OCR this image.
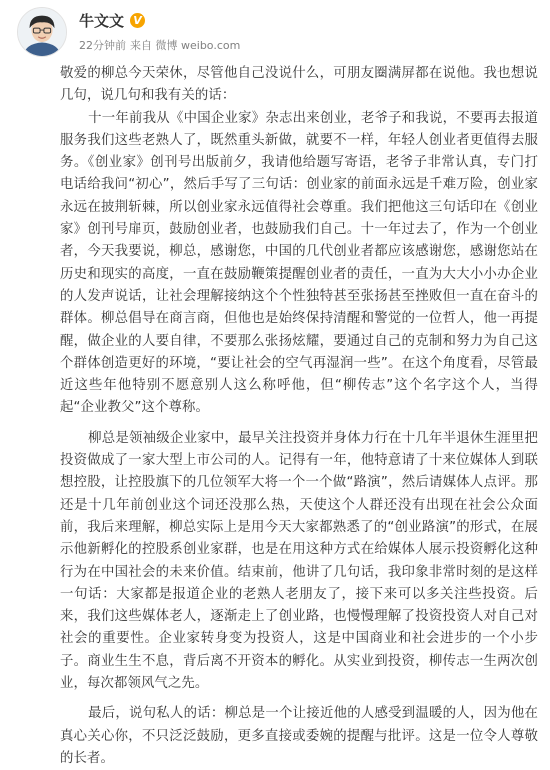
牛文文 V
22分钟前 来自 微博 weibo.com

敬爱的柳总今天荣休，尽管他自己没说什么，可朋友圈满屏都在说他。我也想说几句，说几句和我有关的话：

十一年前我从《中国企业家》杂志出来创业，老爷子和我说，不要再去报道服务我们这些老熟人了，既然重头新做，就要不一样，年轻人创业者更值得去服务。《创业家》创刊号出版前夕，我请他给题写寄语，老爷子非常认真，专门打电话给我问“初心”，然后手写了三句话：创业家的前面永远是千难万险，创业家永远在披荆斩棘，所以创业家永远值得社会尊重。我们把他这三句话印在《创业家》创刊号扉页，鼓励创业者，也鼓励我们自己。十一年过去了，作为一个创业者，今天我要说，柳总，感谢您，中国的几代创业者都应该感谢您，感谢您站在历史和现实的高度，一直在鼓励鞭策提醒创业者的责任，一直为大大小小办企业的人发声说话，让社会理解接纳这个个性独特甚至张扬甚至挫败但一直在奋斗的群体。柳总倡导在商言商，但他也是始终保持清醒和警觉的一位哲人，他一再提醒，做企业的人要自律，不要那么张扬炫耀，要通过自己的克制和努力为自己这个群体创造更好的环境，“要让社会的空气再湿润一些”。在这个角度看，尽管最近这些年他特别不愿意别人这么称呼他，但“柳传志”这个名字这个人，当得起“企业教父”这个尊称。

柳总是领袖级企业家中，最早关注投资并身体力行在十几年半退休生涯里把投资做成了一家大型上市公司的人。记得有一年，他特意请了十来位媒体人到联想控股，让控股旗下的几位领军大将一个一个做“路演”，然后请媒体人点评。那还是十几年前创业这个词还没那么热，天使这个人群还没有出现在社会公众面前，我后来理解，柳总实际上是用今天大家都熟悉了的“创业路演”的形式，在展示他新孵化的控股系创业家群，也是在用这种方式在给媒体人展示投资孵化这种行为在中国社会的未来价值。结束前，他讲了几句话，我印象非常时刻的是这样一句话：大家都是报道企业的老熟人老朋友了，接下来可以多关注些投资。后来，我们这些媒体老人，逐渐走上了创业路，也慢慢理解了投资投资人对自己对社会的重要性。企业家转身变为投资人，这是中国商业和社会进步的一个小步子。商业生生不息，背后离不开资本的孵化。从实业到投资，柳传志一生两次创业，每次都领风气之先。

最后，说句私人的话：柳总是一个让接近他的人感受到温暖的人，因为他在真心关心你，不只泛泛鼓励，更多直接或委婉的提醒与批评。这是一位令人尊敬的长者。
